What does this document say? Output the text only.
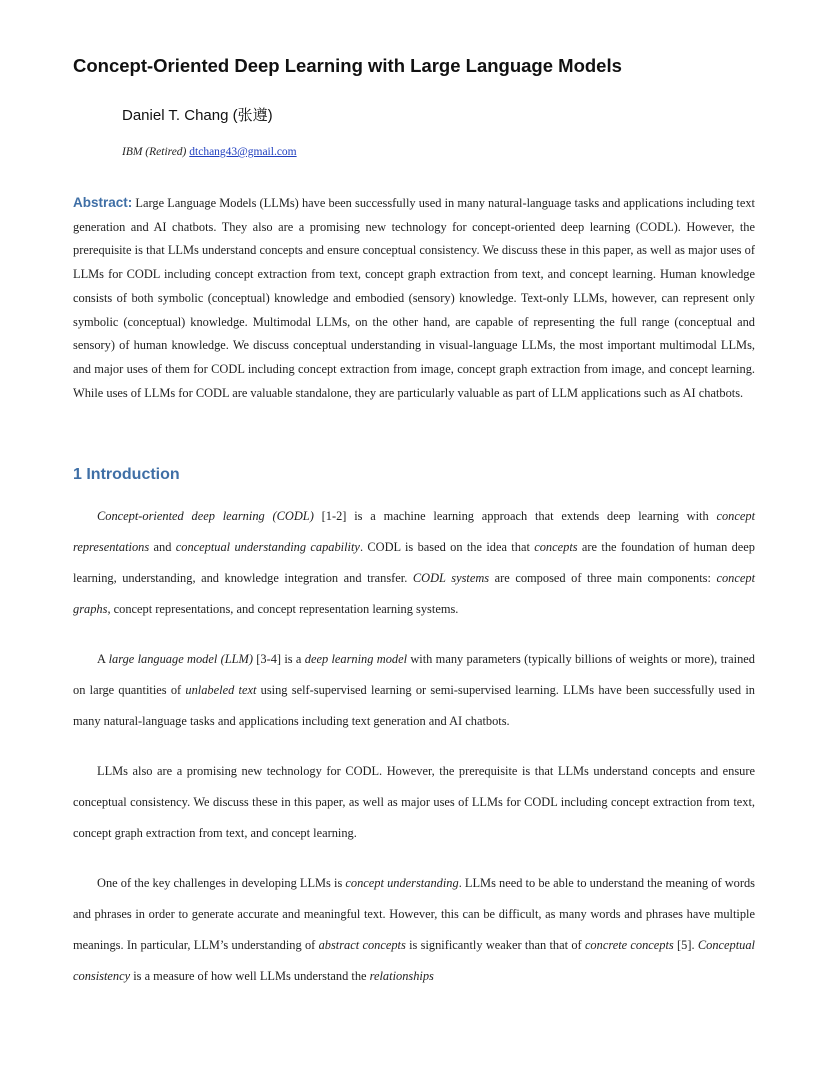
Concept-Oriented Deep Learning with Large Language Models
Daniel T. Chang (张遵)
IBM (Retired) dtchang43@gmail.com
Abstract: Large Language Models (LLMs) have been successfully used in many natural-language tasks and applications including text generation and AI chatbots. They also are a promising new technology for concept-oriented deep learning (CODL). However, the prerequisite is that LLMs understand concepts and ensure conceptual consistency. We discuss these in this paper, as well as major uses of LLMs for CODL including concept extraction from text, concept graph extraction from text, and concept learning. Human knowledge consists of both symbolic (conceptual) knowledge and embodied (sensory) knowledge. Text-only LLMs, however, can represent only symbolic (conceptual) knowledge. Multimodal LLMs, on the other hand, are capable of representing the full range (conceptual and sensory) of human knowledge. We discuss conceptual understanding in visual-language LLMs, the most important multimodal LLMs, and major uses of them for CODL including concept extraction from image, concept graph extraction from image, and concept learning. While uses of LLMs for CODL are valuable standalone, they are particularly valuable as part of LLM applications such as AI chatbots.
1 Introduction

Concept-oriented deep learning (CODL) [1-2] is a machine learning approach that extends deep learning with concept representations and conceptual understanding capability. CODL is based on the idea that concepts are the foundation of human deep learning, understanding, and knowledge integration and transfer. CODL systems are composed of three main components: concept graphs, concept representations, and concept representation learning systems.

A large language model (LLM) [3-4] is a deep learning model with many parameters (typically billions of weights or more), trained on large quantities of unlabeled text using self-supervised learning or semi-supervised learning. LLMs have been successfully used in many natural-language tasks and applications including text generation and AI chatbots.

LLMs also are a promising new technology for CODL. However, the prerequisite is that LLMs understand concepts and ensure conceptual consistency. We discuss these in this paper, as well as major uses of LLMs for CODL including concept extraction from text, concept graph extraction from text, and concept learning.

One of the key challenges in developing LLMs is concept understanding. LLMs need to be able to understand the meaning of words and phrases in order to generate accurate and meaningful text. However, this can be difficult, as many words and phrases have multiple meanings. In particular, LLM’s understanding of abstract concepts is significantly weaker than that of concrete concepts [5]. Conceptual consistency is a measure of how well LLMs understand the relationships
